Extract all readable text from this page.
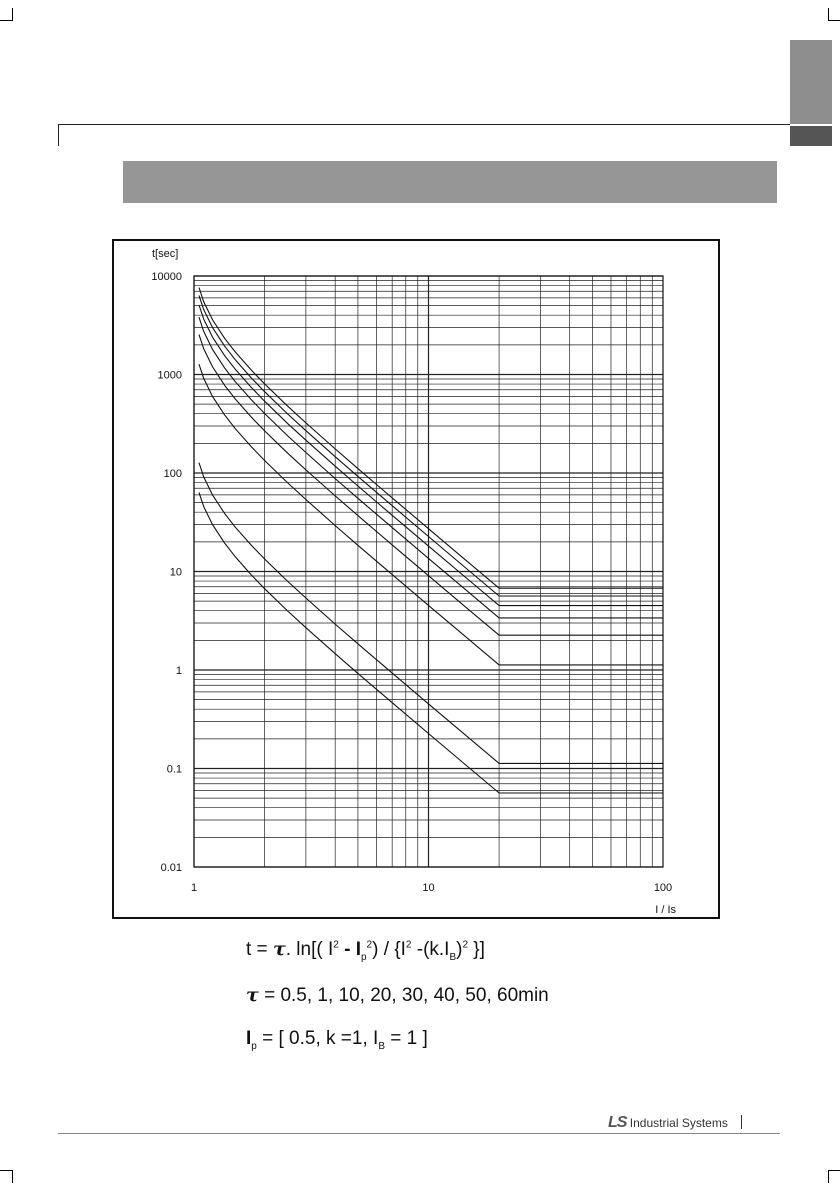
0.01
0.1
1
10
100
1000
10000
1	10	100
t[sec]
I / Is
t = τ. ln[( $I^2 - I_p^2) / \{I^2$ $-(k.I_B)^2$ }]
τ = 0.5, 1, 10, 20, 30, 40, 50, 60min
$I_p$ = [ 0.5, k =1, $I_B = 1$ ]
LS Industrial Systems
